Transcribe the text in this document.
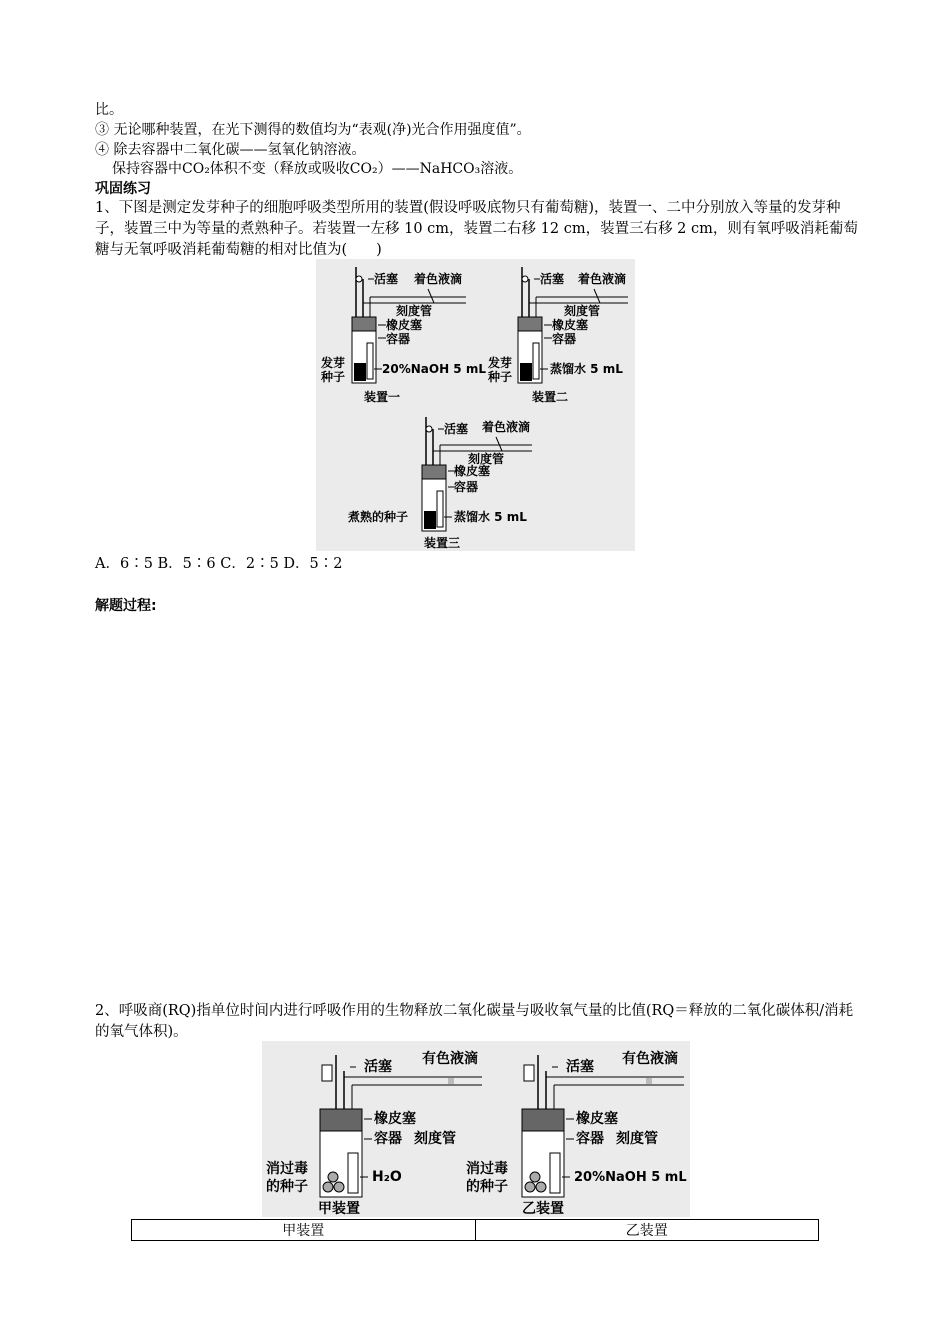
比。
③ 无论哪种装置，在光下测得的数值均为“表观(净)光合作用强度值”。
④ 除去容器中二氧化碳——氢氧化钠溶液。
保持容器中CO₂体积不变（释放或吸收CO₂）——NaHCO₃溶液。
巩固练习
1、下图是测定发芽种子的细胞呼吸类型所用的装置(假设呼吸底物只有葡萄糖)，装置一、二中分别放入等量的发芽种子，装置三中为等量的煮熟种子。若装置一左移 10 cm，装置二右移 12 cm，装置三右移 2 cm，则有氧呼吸消耗葡萄糖与无氧呼吸消耗葡萄糖的相对比值为(　　)
活塞 着色液滴
刻度管
橡皮塞
容器
发芽
种子
20%NaOH 5 mL
装置一
活塞 着色液滴
刻度管
橡皮塞
容器
发芽
种子
蒸馏水 5 mL
装置二
活塞 着色液滴
刻度管
橡皮塞
容器
煮熟的种子	蒸馏水 5 mL
装置三
A．6∶5 B．5∶6 C．2∶5 D．5∶2
解题过程:
2、呼吸商(RQ)指单位时间内进行呼吸作用的生物释放二氧化碳量与吸收氧气量的比值(RQ＝释放的二氧化碳体积/消耗的氧气体积)。
活塞 有色液滴
橡皮塞
容器 刻度管
消过毒
的种子
H₂O
甲装置
活塞 有色液滴
橡皮塞
容器 刻度管
消过毒
的种子
20%NaOH 5 mL
乙装置
甲装置	乙装置
